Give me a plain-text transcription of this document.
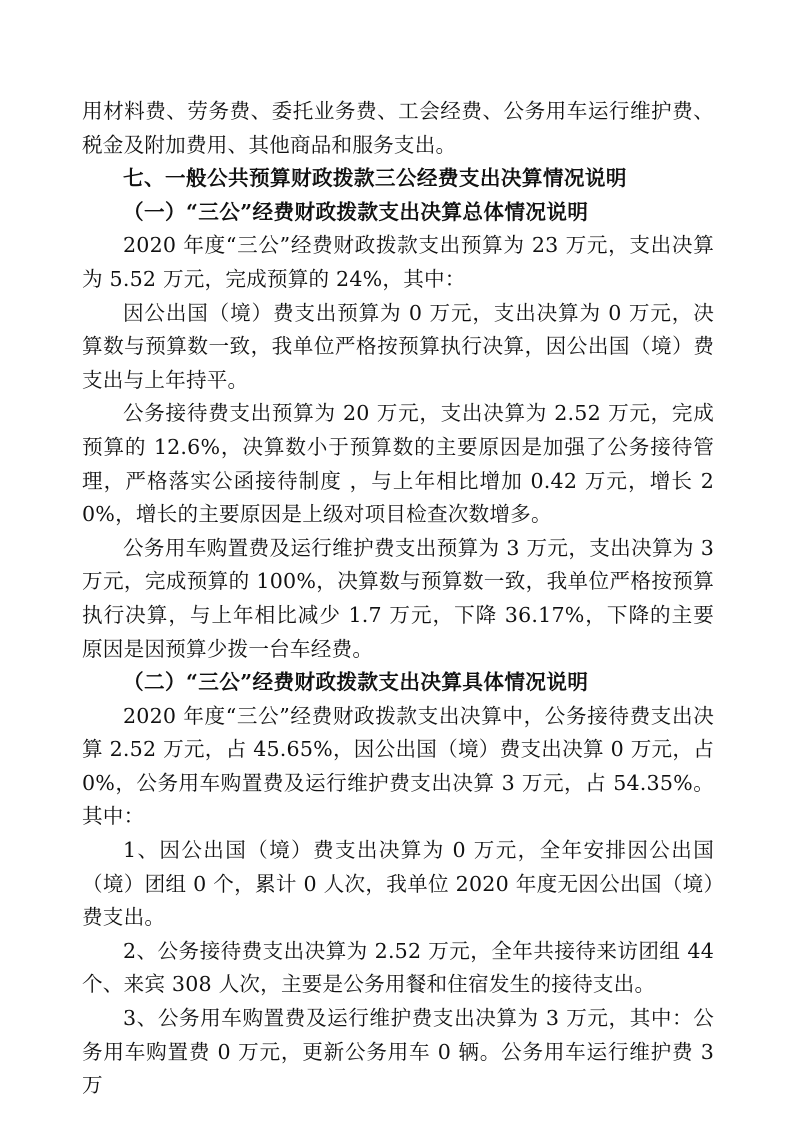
用材料费、劳务费、委托业务费、工会经费、公务用车运行维护费、税金及附加费用、其他商品和服务支出。

七、一般公共预算财政拨款三公经费支出决算情况说明

（一）“三公”经费财政拨款支出决算总体情况说明

2020 年度“三公”经费财政拨款支出预算为 23 万元，支出决算为 5.52 万元，完成预算的 24%，其中：

因公出国（境）费支出预算为 0 万元，支出决算为 0 万元，决算数与预算数一致，我单位严格按预算执行决算，因公出国（境）费支出与上年持平。

公务接待费支出预算为 20 万元，支出决算为 2.52 万元，完成预算的 12.6%，决算数小于预算数的主要原因是加强了公务接待管理，严格落实公函接待制度 ，与上年相比增加 0.42 万元，增长 20%，增长的主要原因是上级对项目检查次数增多。

公务用车购置费及运行维护费支出预算为 3 万元，支出决算为 3 万元，完成预算的 100%，决算数与预算数一致，我单位严格按预算执行决算，与上年相比减少 1.7 万元，下降 36.17%，下降的主要原因是因预算少拨一台车经费。

（二）“三公”经费财政拨款支出决算具体情况说明

2020 年度“三公”经费财政拨款支出决算中，公务接待费支出决算 2.52 万元，占 45.65%，因公出国（境）费支出决算 0 万元，占 0%，公务用车购置费及运行维护费支出决算 3 万元，占 54.35%。其中：

1、因公出国（境）费支出决算为 0 万元，全年安排因公出国（境）团组 0 个，累计 0 人次，我单位 2020 年度无因公出国（境）费支出。

2、公务接待费支出决算为 2.52 万元，全年共接待来访团组 44 个、来宾 308 人次，主要是公务用餐和住宿发生的接待支出。

3、公务用车购置费及运行维护费支出决算为 3 万元，其中：公务用车购置费 0 万元，更新公务用车 0 辆。公务用车运行维护费 3 万
